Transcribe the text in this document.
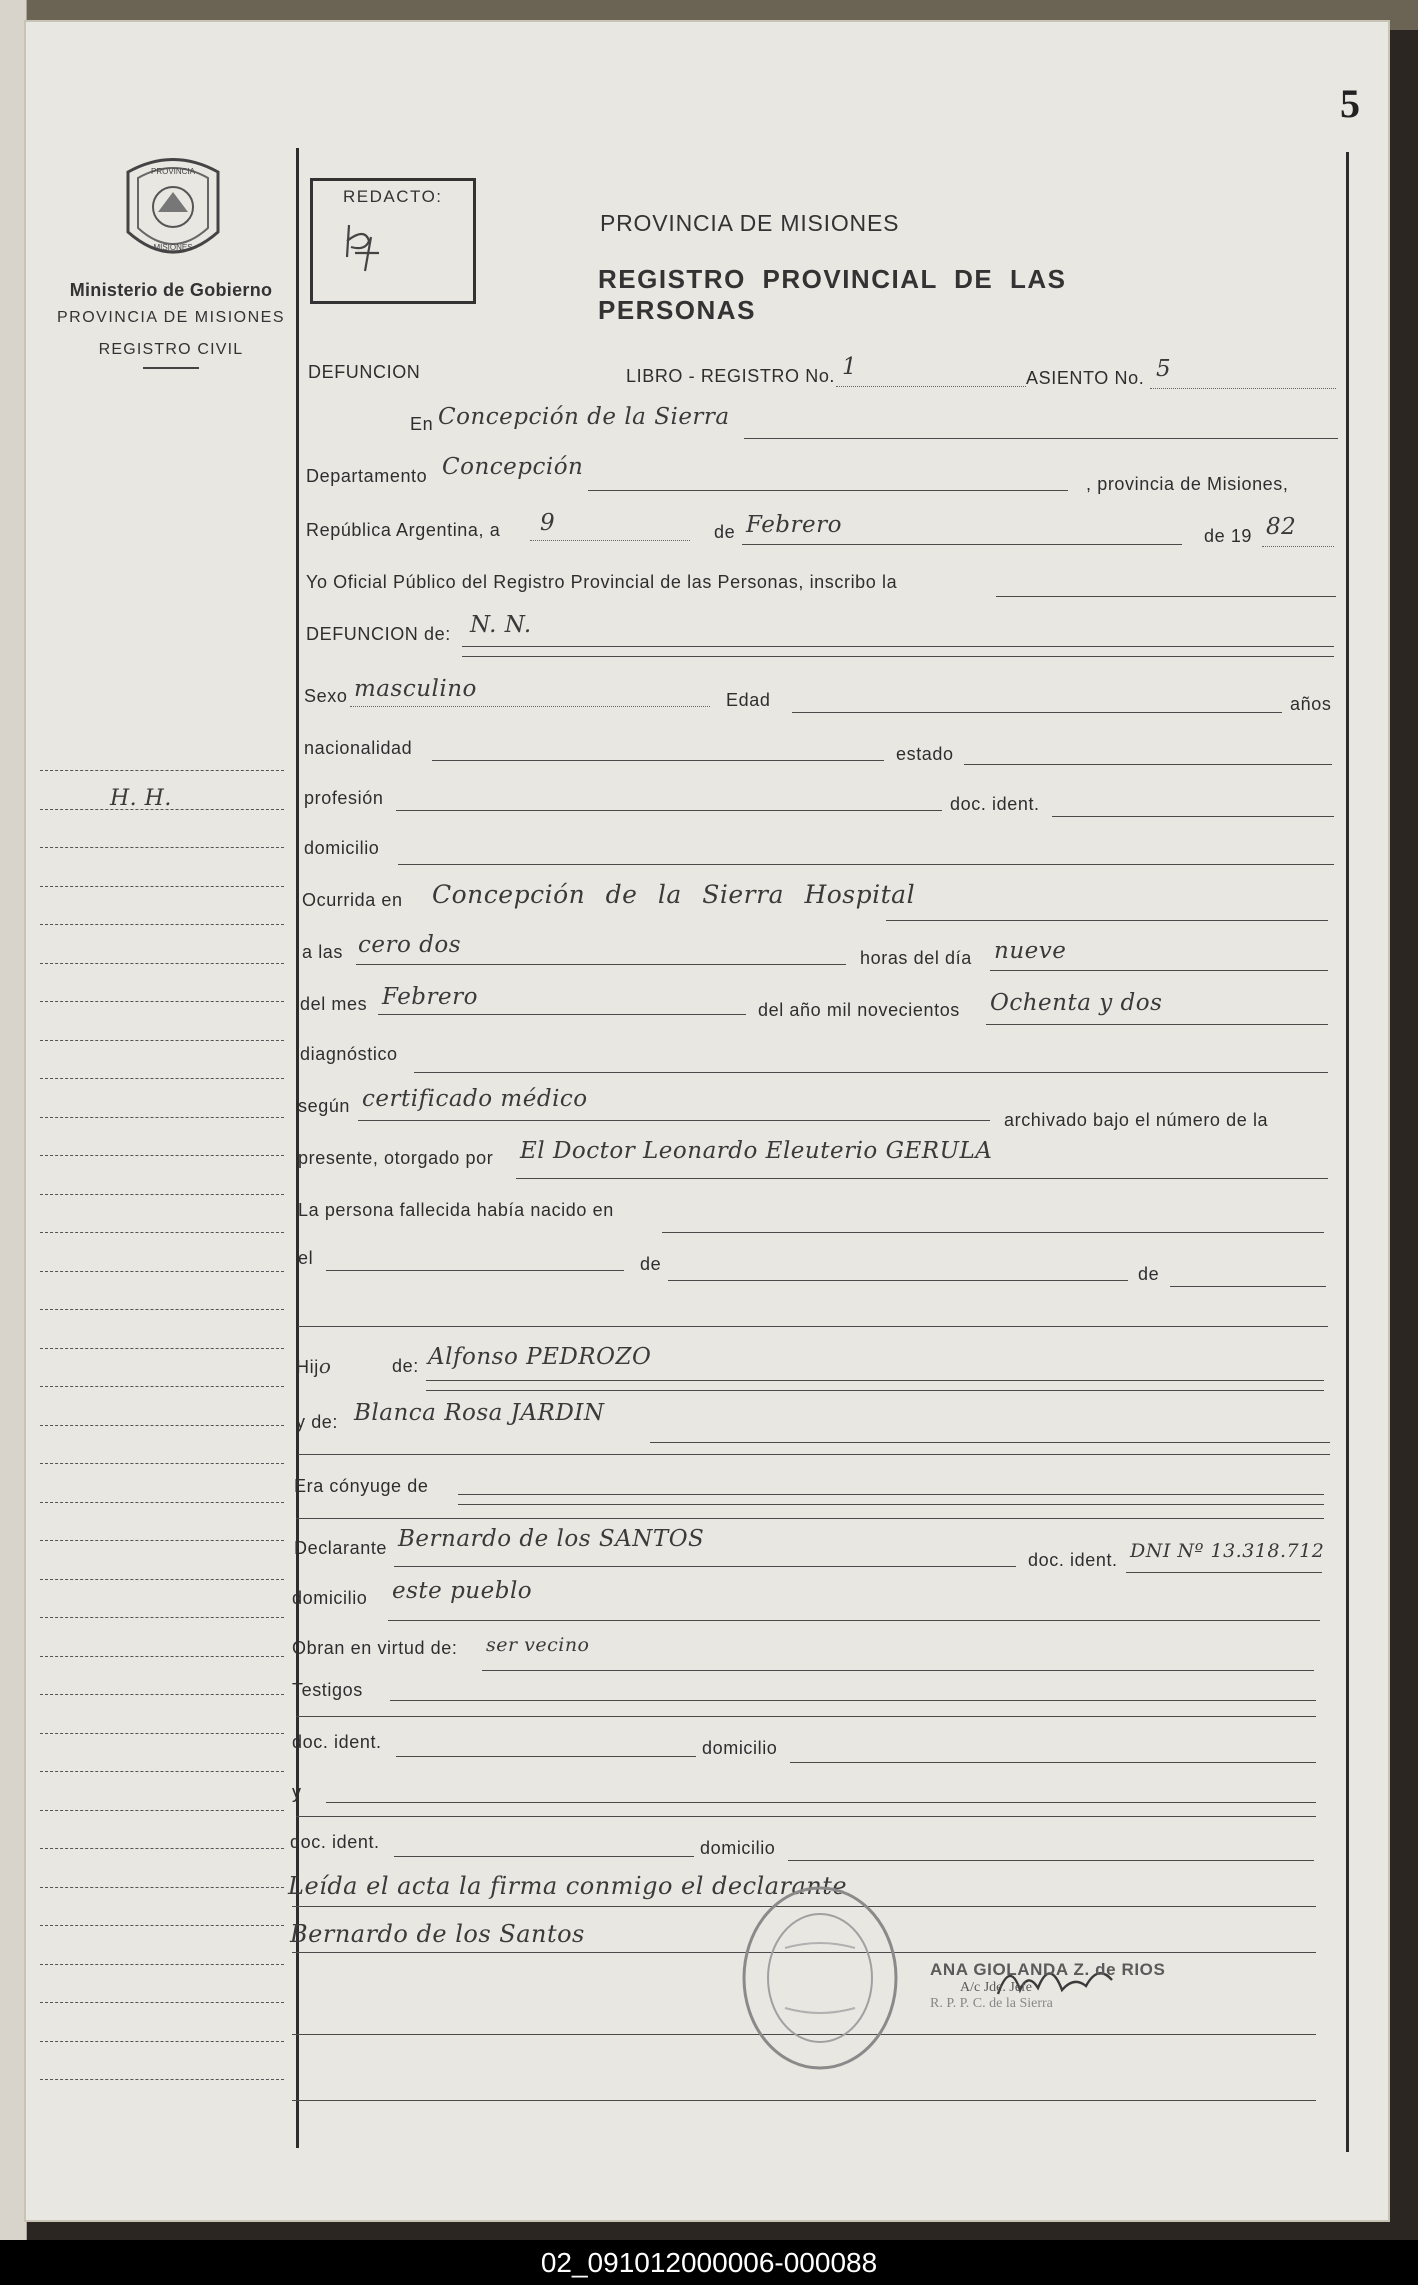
5
PROVINCIA
MISIONES
Ministerio de Gobierno
PROVINCIA DE MISIONES
REGISTRO CIVIL
REDACTO:
PROVINCIA DE MISIONES
REGISTRO PROVINCIAL DE LAS PERSONAS
H. H.
DEFUNCION	LIBRO - REGISTRO No. 1	ASIENTO No. 5
En Concepción de la Sierra
Departamento Concepción
, provincia de Misiones,
República Argentina, a 9	de Febrero	de 19 82
Yo Oficial Público del Registro Provincial de las Personas, inscribo la
DEFUNCION de: N. N.
Sexo masculino	Edad	años
nacionalidad	estado
profesión	doc. ident.
domicilio
Ocurrida en Concepción de la Sierra Hospital
a las cero dos	horas del día nueve
del mes Febrero	del año mil novecientos Ochenta y dos
diagnóstico
según certificado médico
archivado bajo el número de la
presente, otorgado por El Doctor Leonardo Eleuterio GERULA
La persona fallecida había nacido en
el	de	de
Hijo	de: Alfonso PEDROZO
y de: Blanca Rosa JARDIN
Era cónyuge de
Declarante Bernardo de los SANTOS
doc. ident. DNI Nº 13.318.712
domicilio este pueblo
Obran en virtud de: ser vecino
Testigos
doc. ident.	domicilio
y
doc. ident.	domicilio
Leída el acta la firma conmigo el declarante
Bernardo de los Santos
ANA GIOLANDA Z. de RIOS
A/c Jde. Jefe
R. P. P. C. de la Sierra
02_091012000006-000088
